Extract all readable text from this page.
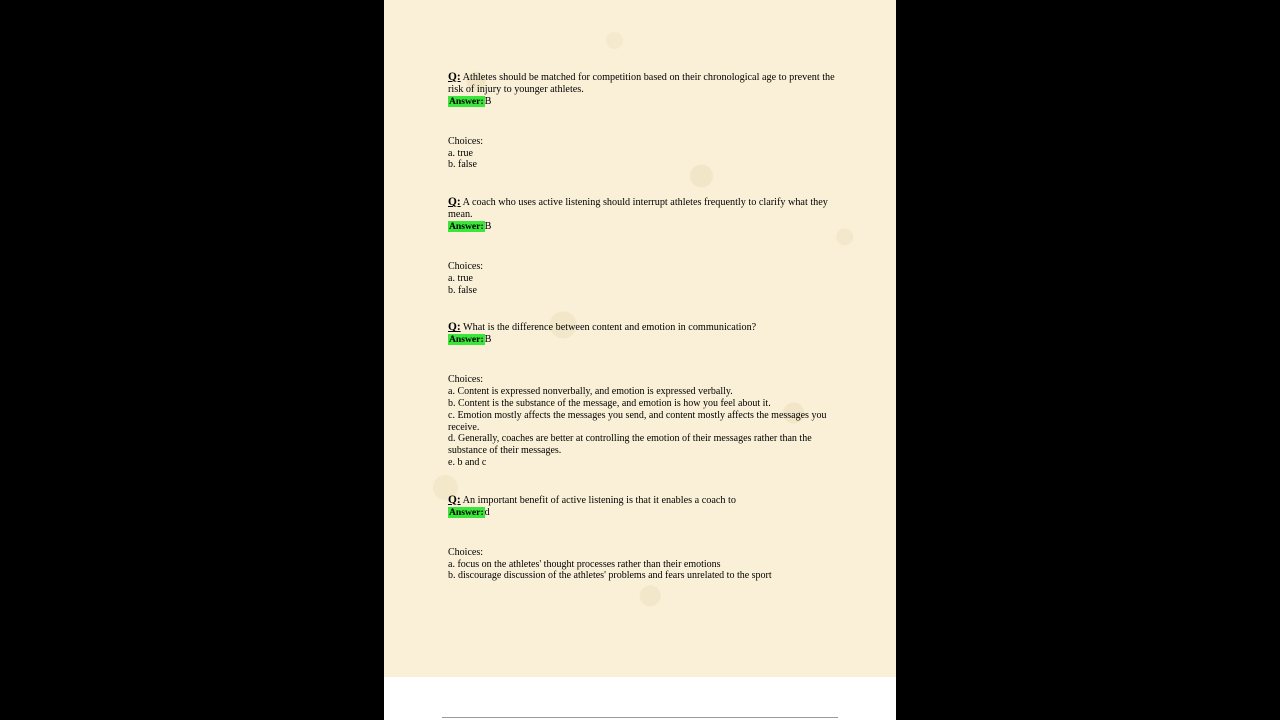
Q: Athletes should be matched for competition based on their chronological age to prevent the risk of injury to younger athletes.
Answer:B
Choices:
a. true
b. false
Q: A coach who uses active listening should interrupt athletes frequently to clarify what they mean.
Answer:B
Choices:
a. true
b. false
Q: What is the difference between content and emotion in communication?
Answer:B
Choices:
a. Content is expressed nonverbally, and emotion is expressed verbally.
b. Content is the substance of the message, and emotion is how you feel about it.
c. Emotion mostly affects the messages you send, and content mostly affects the messages you receive.
d. Generally, coaches are better at controlling the emotion of their messages rather than the substance of their messages.
e. b and c
Q: An important benefit of active listening is that it enables a coach to
Answer:d
Choices:
a. focus on the athletes' thought processes rather than their emotions
b. discourage discussion of the athletes' problems and fears unrelated to the sport
